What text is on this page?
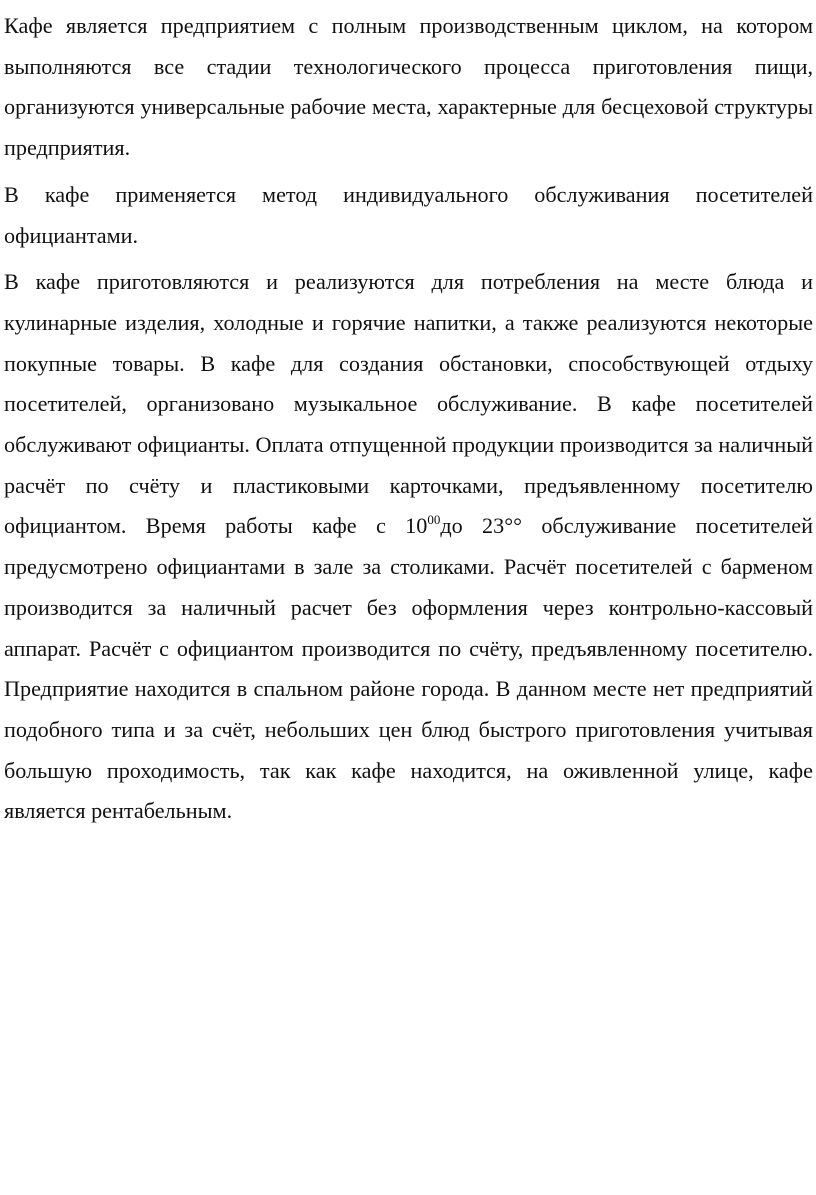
Кафе является предприятием с полным производственным циклом, на котором выполняются все стадии технологического процесса приготовления пищи, организуются универсальные рабочие места, характерные для бесцеховой структуры предприятия.

В кафе применяется метод индивидуального обслуживания посетителей официантами.

В кафе приготовляются и реализуются для потребления на месте блюда и кулинарные изделия, холодные и горячие напитки, а также реализуются некоторые покупные товары. В кафе для создания обстановки, способствующей отдыху посетителей, организовано музыкальное обслуживание. В кафе посетителей обслуживают официанты. Оплата отпущенной продукции производится за наличный расчёт по счёту и пластиковыми карточками, предъявленному посетителю официантом. Время работы кафе с $10^{00}до$ 23°° обслуживание посетителей предусмотрено официантами в зале за столиками. Расчёт посетителей с барменом производится за наличный расчет без оформления через контрольно-кассовый аппарат. Расчёт с официантом производится по счёту, предъявленному посетителю. Предприятие находится в спальном районе города. В данном месте нет предприятий подобного типа и за счёт, небольших цен блюд быстрого приготовления учитывая большую проходимость, так как кафе находится, на оживленной улице, кафе является рентабельным.
